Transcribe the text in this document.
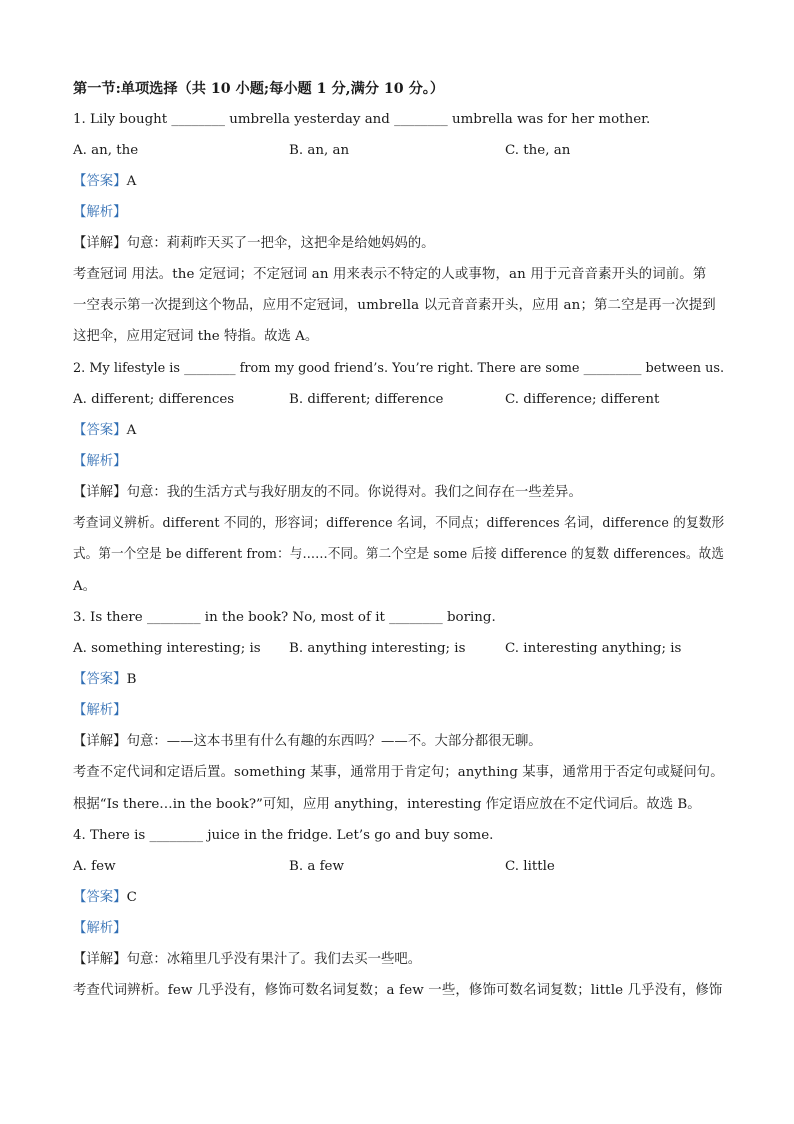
第一节:单项选择（共 10 小题;每小题 1 分,满分 10 分。）
1. Lily bought ________ umbrella yesterday and ________ umbrella was for her mother.
A. an, the	B. an, an	C. the, an
【答案】A
【解析】
【详解】句意：莉莉昨天买了一把伞，这把伞是给她妈妈的。
考查冠词 用法。the 定冠词；不定冠词 an 用来表示不特定的人或事物，an 用于元音音素开头的词前。第
一空表示第一次提到这个物品，应用不定冠词，umbrella 以元音音素开头，应用 an；第二空是再一次提到
这把伞，应用定冠词 the 特指。故选 A。
2. My lifestyle is ________ from my good friend’s. You’re right. There are some _________ between us.
A. different; differences	B. different; difference	C. difference; different
【答案】A
【解析】
【详解】句意：我的生活方式与我好朋友的不同。你说得对。我们之间存在一些差异。
考查词义辨析。different 不同的，形容词；difference 名词，不同点；differences 名词，difference 的复数形
式。第一个空是 be different from：与……不同。第二个空是 some 后接 difference 的复数 differences。故选
A。
3. Is there ________ in the book? No, most of it ________ boring.
A. something interesting; is B. anything interesting; is	C. interesting anything; is
【答案】B
【解析】
【详解】句意：——这本书里有什么有趣的东西吗？——不。大部分都很无聊。
考查不定代词和定语后置。something 某事，通常用于肯定句；anything 某事，通常用于否定句或疑问句。
根据“Is there…in the book?”可知，应用 anything，interesting 作定语应放在不定代词后。故选 B。
4. There is ________ juice in the fridge. Let’s go and buy some.
A. few	B. a few	C. little
【答案】C
【解析】
【详解】句意：冰箱里几乎没有果汁了。我们去买一些吧。
考查代词辨析。few 几乎没有，修饰可数名词复数；a few 一些，修饰可数名词复数；little 几乎没有，修饰
